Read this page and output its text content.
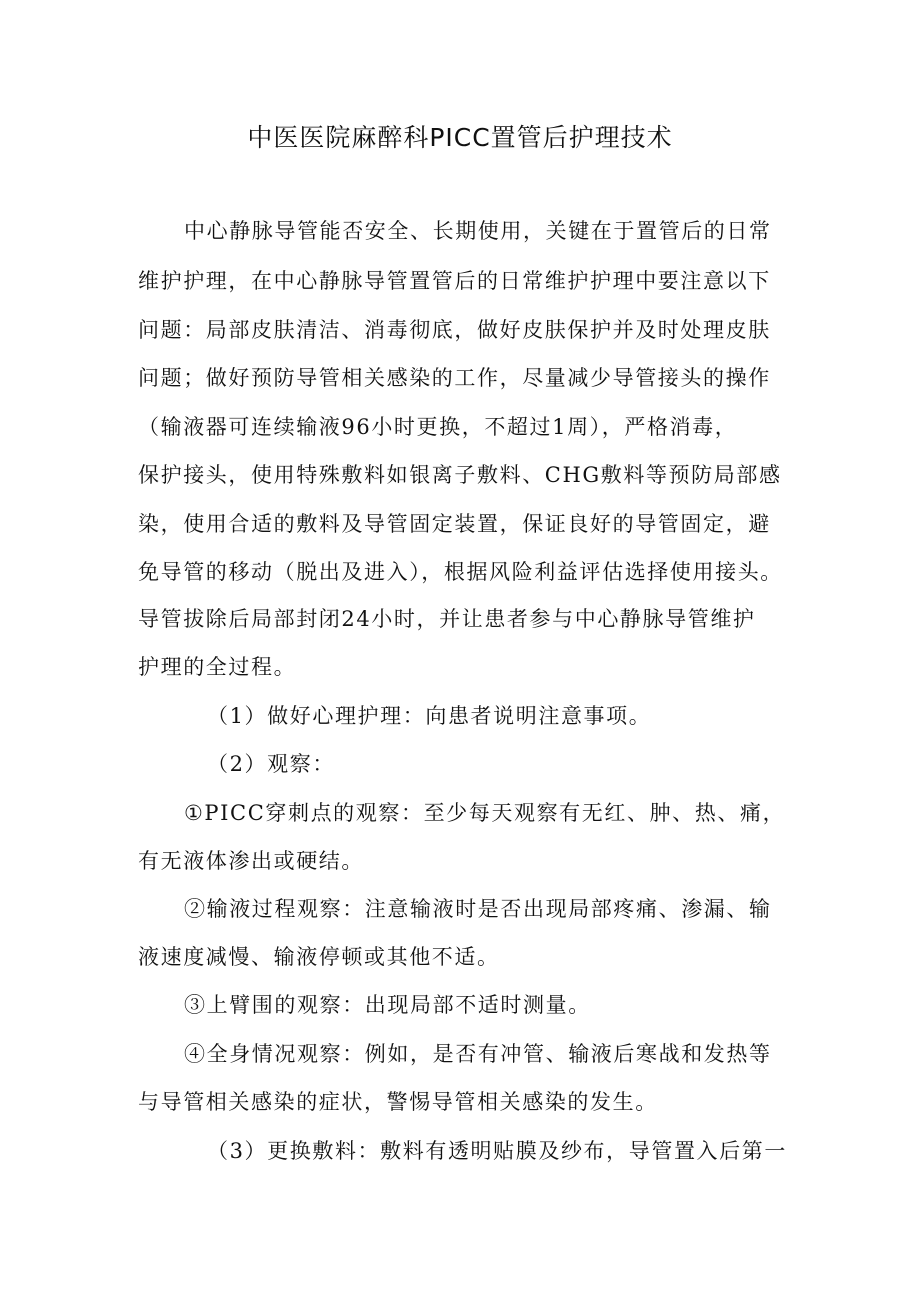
中医医院麻醉科PICC置管后护理技术

中心静脉导管能否安全、长期使用，关键在于置管后的日常

维护护理，在中心静脉导管置管后的日常维护护理中要注意以下

问题：局部皮肤清洁、消毒彻底，做好皮肤保护并及时处理皮肤

问题；做好预防导管相关感染的工作，尽量减少导管接头的操作

（输液器可连续输液96小时更换，不超过1周），严格消毒，

保护接头，使用特殊敷料如银离子敷料、CHG敷料等预防局部感

染，使用合适的敷料及导管固定装置，保证良好的导管固定，避

免导管的移动（脱出及进入），根据风险利益评估选择使用接头。

导管拔除后局部封闭24小时，并让患者参与中心静脉导管维护

护理的全过程。

（1）做好心理护理：向患者说明注意事项。

（2）观察：

①PICC穿刺点的观察：至少每天观察有无红、肿、热、痛，

有无液体渗出或硬结。

②输液过程观察：注意输液时是否出现局部疼痛、渗漏、输

液速度减慢、输液停顿或其他不适。

③上臂围的观察：出现局部不适时测量。

④全身情况观察：例如，是否有冲管、输液后寒战和发热等

与导管相关感染的症状，警惕导管相关感染的发生。

（3）更换敷料：敷料有透明贴膜及纱布，导管置入后第一
